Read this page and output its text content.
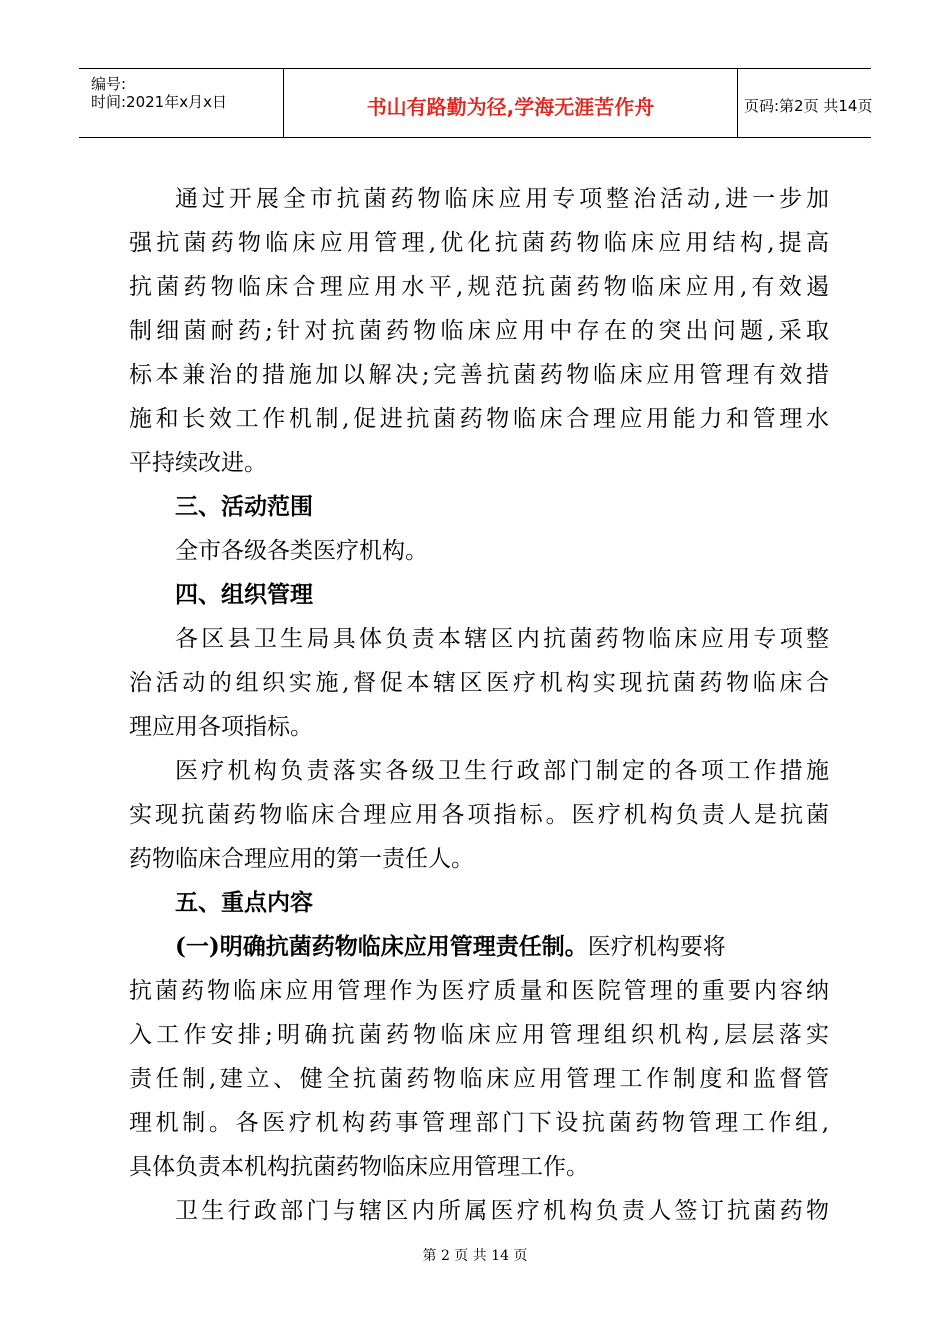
编号:
时间:2021年x月x日	书山有路勤为径,学海无涯苦作舟	页码:第2页 共14页
通过开展全市抗菌药物临床应用专项整治活动,进一步加
强抗菌药物临床应用管理,优化抗菌药物临床应用结构,提高
抗菌药物临床合理应用水平,规范抗菌药物临床应用,有效遏
制细菌耐药;针对抗菌药物临床应用中存在的突出问题,采取
标本兼治的措施加以解决;完善抗菌药物临床应用管理有效措
施和长效工作机制,促进抗菌药物临床合理应用能力和管理水
平持续改进。
三、活动范围
全市各级各类医疗机构。
四、组织管理
各区县卫生局具体负责本辖区内抗菌药物临床应用专项整
治活动的组织实施,督促本辖区医疗机构实现抗菌药物临床合
理应用各项指标。
医疗机构负责落实各级卫生行政部门制定的各项工作措施
实现抗菌药物临床合理应用各项指标。医疗机构负责人是抗菌
药物临床合理应用的第一责任人。
五、重点内容
(一)明确抗菌药物临床应用管理责任制。医疗机构要将
抗菌药物临床应用管理作为医疗质量和医院管理的重要内容纳
入工作安排;明确抗菌药物临床应用管理组织机构,层层落实
责任制,建立、健全抗菌药物临床应用管理工作制度和监督管
理机制。各医疗机构药事管理部门下设抗菌药物管理工作组,
具体负责本机构抗菌药物临床应用管理工作。
卫生行政部门与辖区内所属医疗机构负责人签订抗菌药物
第 2 页 共 14 页
